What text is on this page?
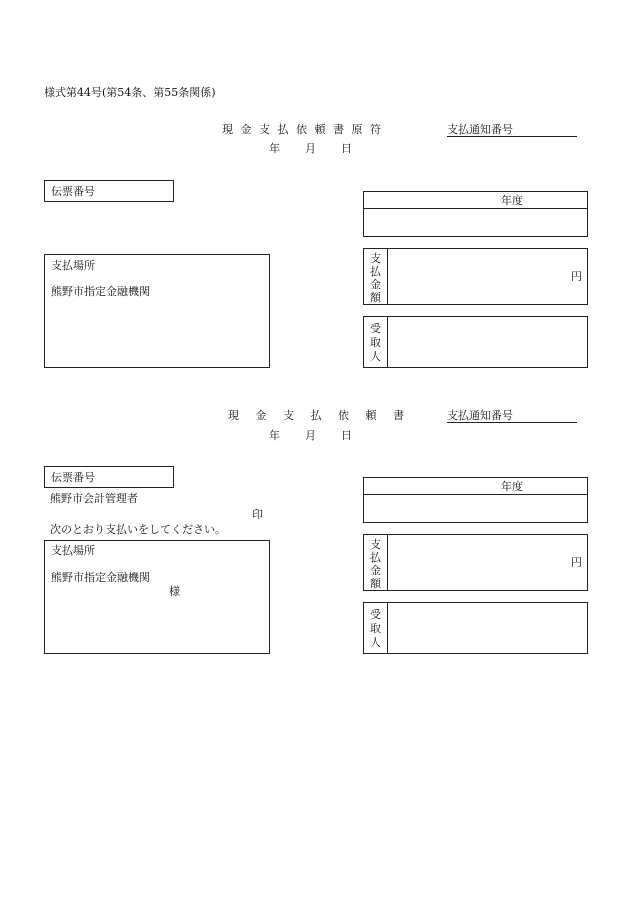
様式第44号(第54条、第55条関係)
現 金 支 払 依 頼 書 原 符	支払通知番号
年 月 日
伝票番号
年度
支払場所
熊野市指定金融機関
支
払
金
額
円
受
取
人
現 金 支 払 依 頼 書	支払通知番号
年 月 日
伝票番号
熊野市会計管理者
印
次のとおり支払いをしてください。
年度
支払場所
熊野市指定金融機関
様
支
払
金
額
円
受
取
人
